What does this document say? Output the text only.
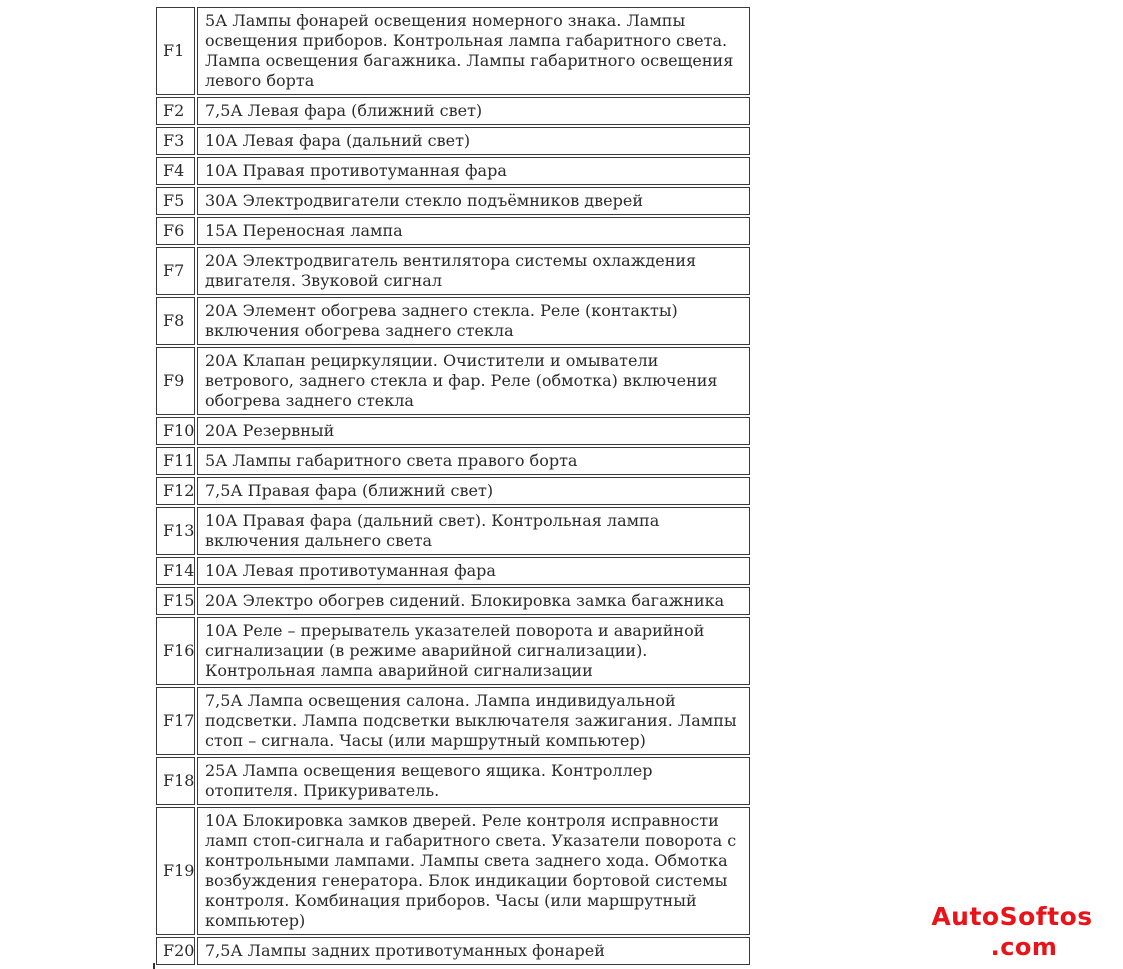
F1	5А Лампы фонарей освещения номерного знака. Лампы освещения приборов. Контрольная лампа габаритного света. Лампа освещения багажника. Лампы габаритного освещения левого борта
F2	7,5А Левая фара (ближний свет)
F3	10А Левая фара (дальний свет)
F4	10А Правая противотуманная фара
F5	30А Электродвигатели стекло подъёмников дверей
F6	15А Переносная лампа
F7	20А Электродвигатель вентилятора системы охлаждения двигателя. Звуковой сигнал
F8	20А Элемент обогрева заднего стекла. Реле (контакты) включения обогрева заднего стекла
F9	20А Клапан рециркуляции. Очистители и омыватели ветрового, заднего стекла и фар. Реле (обмотка) включения обогрева заднего стекла
F10	20А Резервный
F11	5А Лампы габаритного света правого борта
F12	7,5А Правая фара (ближний свет)
F13	10А Правая фара (дальний свет). Контрольная лампа включения дальнего света
F14	10А Левая противотуманная фара
F15	20А Электро обогрев сидений. Блокировка замка багажника
F16	10А Реле – прерыватель указателей поворота и аварийной сигнализации (в режиме аварийной сигнализации). Контрольная лампа аварийной сигнализации
F17	7,5А Лампа освещения салона. Лампа индивидуальной подсветки. Лампа подсветки выключателя зажигания. Лампы стоп – сигнала. Часы (или маршрутный компьютер)
F18	25А Лампа освещения вещевого ящика. Контроллер отопителя. Прикуриватель.
F19	10А Блокировка замков дверей. Реле контроля исправности ламп стоп-сигнала и габаритного света. Указатели поворота с контрольными лампами. Лампы света заднего хода. Обмотка возбуждения генератора. Блок индикации бортовой системы контроля. Комбинация приборов. Часы (или маршрутный компьютер)
F20	7,5А Лампы задних противотуманных фонарей
AutoSoftos
.com
